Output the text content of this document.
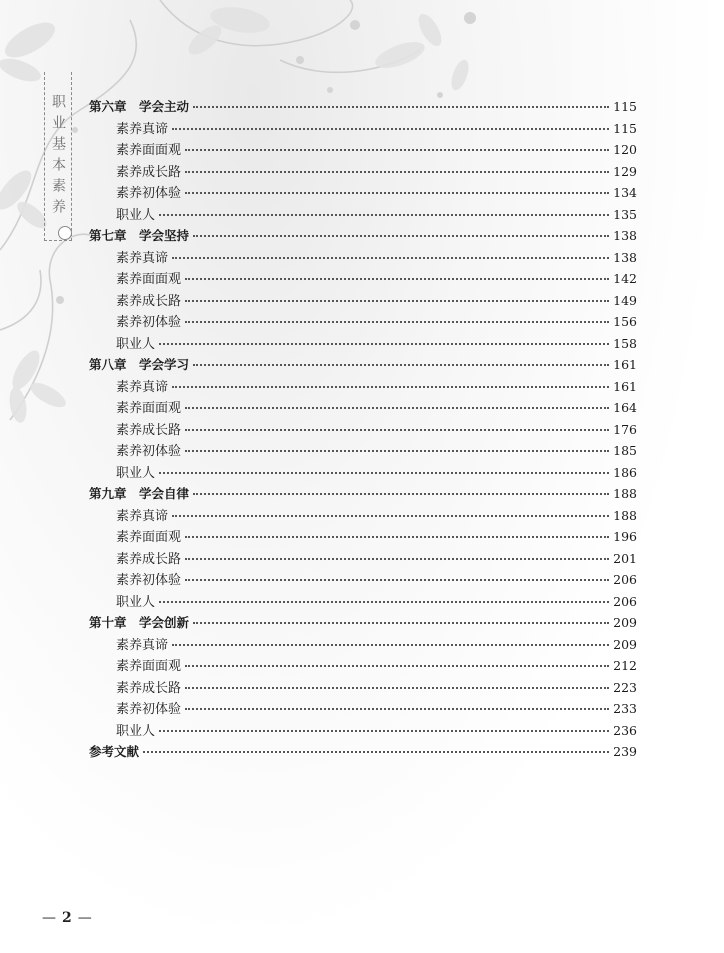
职业基本素养 第六章　学会主动	115
素养真谛	115
素养面面观	120
素养成长路	129
素养初体验	134
职业人	135
第七章　学会坚持	138
素养真谛	138
素养面面观	142
素养成长路	149
素养初体验	156
职业人	158
第八章　学会学习	161
素养真谛	161
素养面面观	164
素养成长路	176
素养初体验	185
职业人	186
第九章　学会自律	188
素养真谛	188
素养面面观	196
素养成长路	201
素养初体验	206
职业人	206
第十章　学会创新	209
素养真谛	209
素养面面观	212
素养成长路	223
素养初体验	233
职业人	236
参考文献	239
— 2 —
